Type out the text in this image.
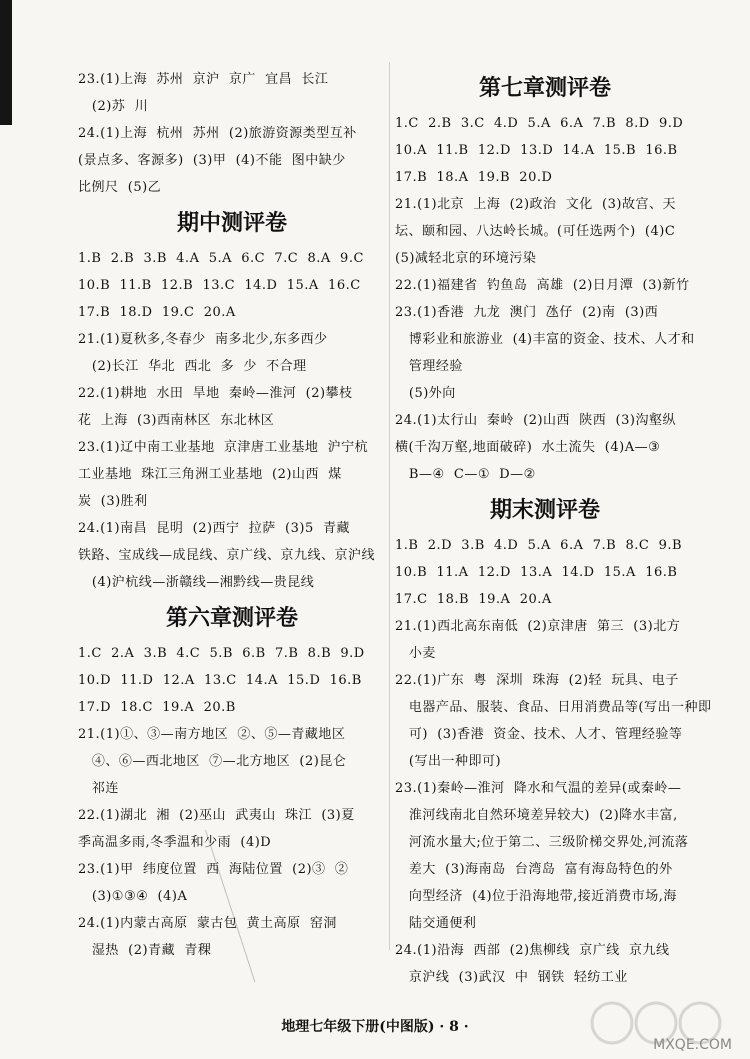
23.(1)上海  苏州  京沪  京广  宜昌  长江
(2)苏  川
24.(1)上海  杭州  苏州  (2)旅游资源类型互补
(景点多、客源多)  (3)甲  (4)不能  图中缺少
比例尺  (5)乙
期中测评卷
1.B  2.B  3.B  4.A  5.A  6.C  7.C  8.A  9.C
10.B  11.B  12.B  13.C  14.D  15.A  16.C
17.B  18.D  19.C  20.A
21.(1)夏秋多,冬春少  南多北少,东多西少
(2)长江  华北  西北  多  少  不合理
22.(1)耕地  水田  旱地  秦岭—淮河  (2)攀枝
花  上海  (3)西南林区  东北林区
23.(1)辽中南工业基地  京津唐工业基地  沪宁杭
工业基地  珠江三角洲工业基地  (2)山西  煤
炭  (3)胜利
24.(1)南昌  昆明  (2)西宁  拉萨  (3)5  青藏
铁路、宝成线—成昆线、京广线、京九线、京沪线
(4)沪杭线—浙赣线—湘黔线—贵昆线
第六章测评卷
1.C  2.A  3.B  4.C  5.B  6.B  7.B  8.B  9.D
10.D  11.D  12.A  13.C  14.A  15.D  16.B
17.D  18.C  19.A  20.B
21.(1)①、③—南方地区  ②、⑤—青藏地区
④、⑥—西北地区  ⑦—北方地区  (2)昆仑
祁连
22.(1)湖北  湘  (2)巫山  武夷山  珠江  (3)夏
季高温多雨,冬季温和少雨  (4)D
23.(1)甲  纬度位置  西  海陆位置  (2)③  ②
(3)①③④  (4)A
24.(1)内蒙古高原  蒙古包  黄土高原  窑洞
湿热  (2)青藏  青稞
第七章测评卷
1.C  2.B  3.C  4.D  5.A  6.A  7.B  8.D  9.D
10.A  11.B  12.D  13.D  14.A  15.B  16.B
17.B  18.A  19.B  20.D
21.(1)北京  上海  (2)政治  文化  (3)故宫、天
坛、颐和园、八达岭长城。(可任选两个)  (4)C
(5)减轻北京的环境污染
22.(1)福建省  钓鱼岛  高雄  (2)日月潭  (3)新竹
23.(1)香港  九龙  澳门  氹仔  (2)南  (3)西
博彩业和旅游业  (4)丰富的资金、技术、人才和
管理经验
(5)外向
24.(1)太行山  秦岭  (2)山西  陕西  (3)沟壑纵
横(千沟万壑,地面破碎)  水土流失  (4)A—③
B—④  C—①  D—②
期末测评卷
1.B  2.D  3.B  4.D  5.A  6.A  7.B  8.C  9.B
10.B  11.A  12.D  13.A  14.D  15.A  16.B
17.C  18.B  19.A  20.A
21.(1)西北高东南低  (2)京津唐  第三  (3)北方
小麦
22.(1)广东  粤  深圳  珠海  (2)轻  玩具、电子
电器产品、服装、食品、日用消费品等(写出一种即
可)  (3)香港  资金、技术、人才、管理经验等
(写出一种即可)
23.(1)秦岭—淮河  降水和气温的差异(或秦岭—
淮河线南北自然环境差异较大)  (2)降水丰富,
河流水量大;位于第二、三级阶梯交界处,河流落
差大  (3)海南岛  台湾岛  富有海岛特色的外
向型经济  (4)位于沿海地带,接近消费市场,海
陆交通便利
24.(1)沿海  西部  (2)焦柳线  京广线  京九线
京沪线  (3)武汉  中  钢铁  轻纺工业
地理七年级下册(中图版) · 8 ·
MXQE.COM
